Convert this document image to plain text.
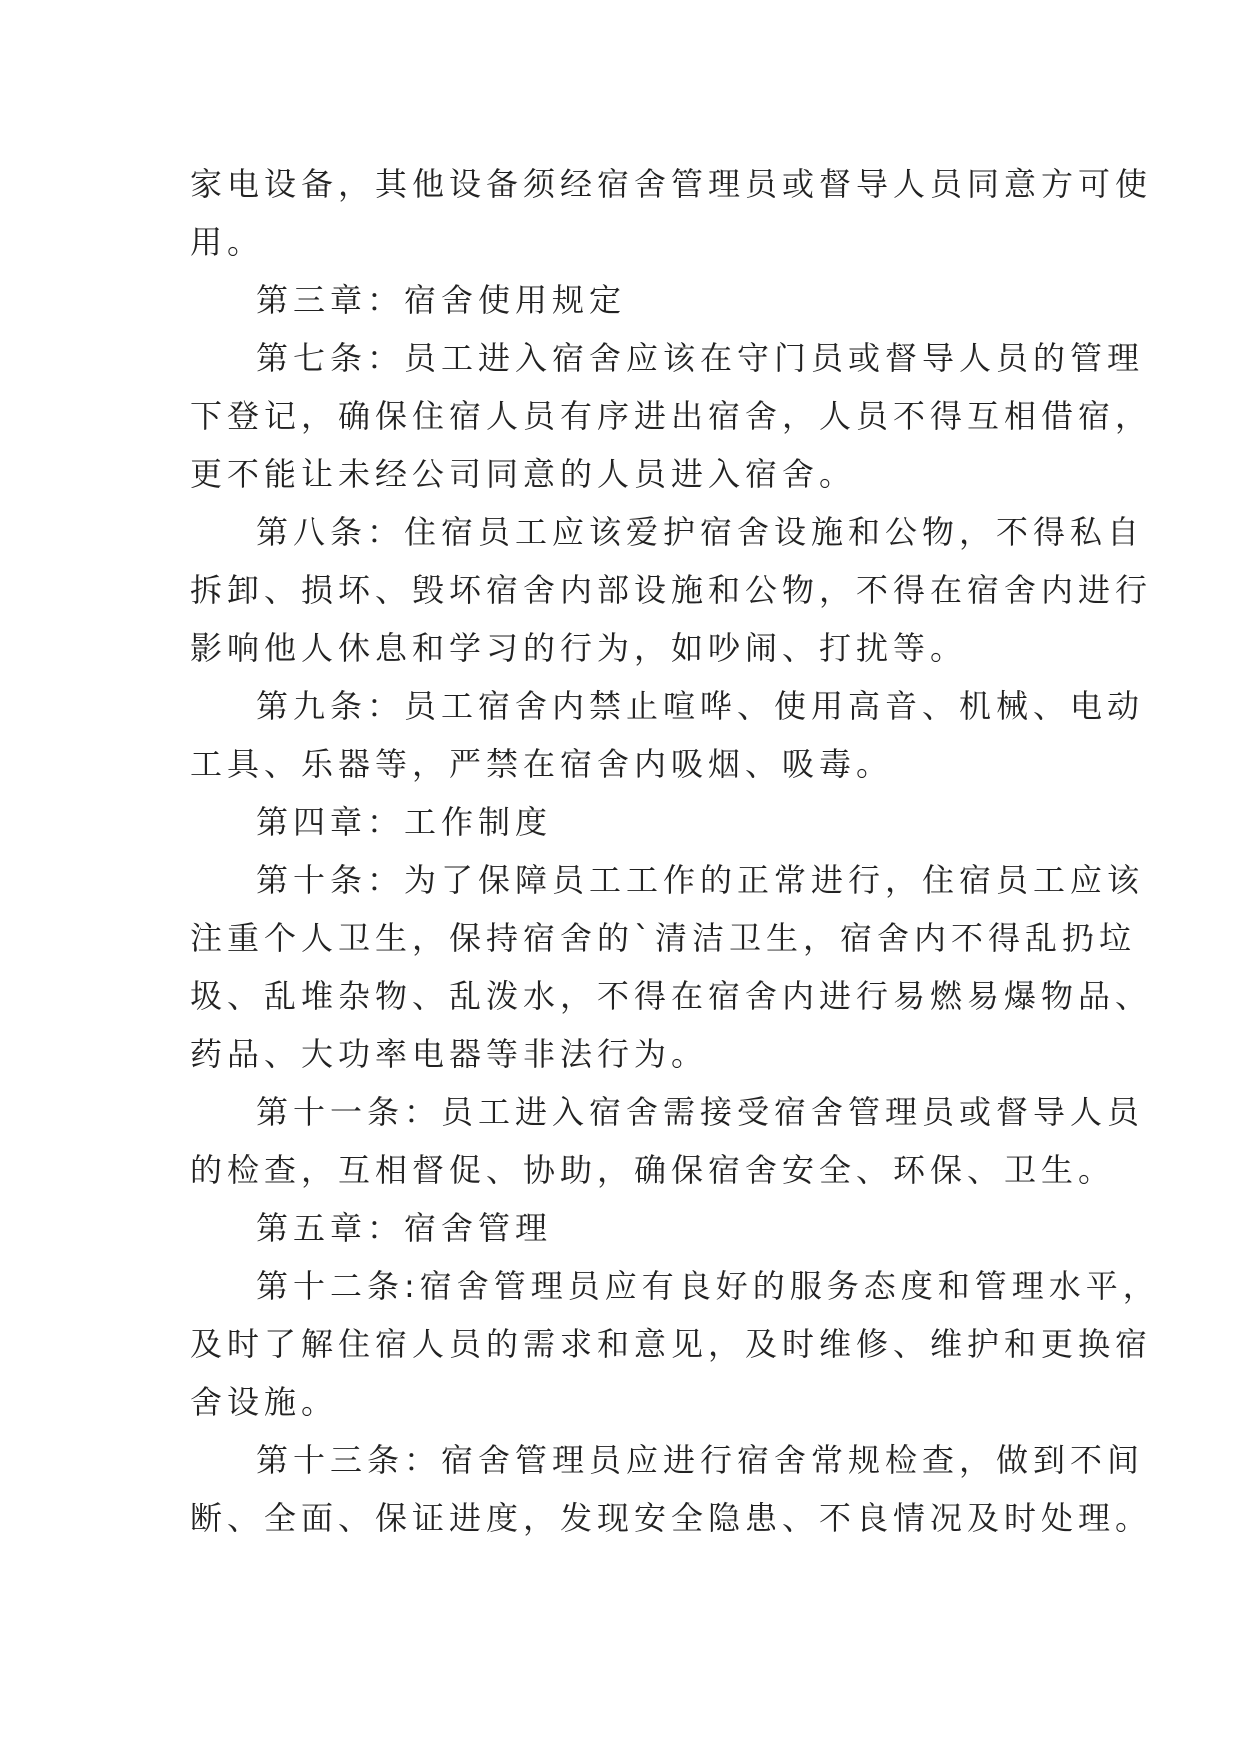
家电设备，其他设备须经宿舍管理员或督导人员同意方可使
用。
第三章：宿舍使用规定
第七条：员工进入宿舍应该在守门员或督导人员的管理
下登记，确保住宿人员有序进出宿舍，人员不得互相借宿，
更不能让未经公司同意的人员进入宿舍。
第八条：住宿员工应该爱护宿舍设施和公物，不得私自
拆卸、损坏、毁坏宿舍内部设施和公物，不得在宿舍内进行
影响他人休息和学习的行为，如吵闹、打扰等。
第九条：员工宿舍内禁止喧哗、使用高音、机械、电动
工具、乐器等，严禁在宿舍内吸烟、吸毒。
第四章：工作制度
第十条：为了保障员工工作的正常进行，住宿员工应该
注重个人卫生，保持宿舍的`清洁卫生，宿舍内不得乱扔垃
圾、乱堆杂物、乱泼水，不得在宿舍内进行易燃易爆物品、
药品、大功率电器等非法行为。
第十一条：员工进入宿舍需接受宿舍管理员或督导人员
的检查，互相督促、协助，确保宿舍安全、环保、卫生。
第五章：宿舍管理
第十二条:宿舍管理员应有良好的服务态度和管理水平，
及时了解住宿人员的需求和意见，及时维修、维护和更换宿
舍设施。
第十三条：宿舍管理员应进行宿舍常规检查，做到不间
断、全面、保证进度，发现安全隐患、不良情况及时处理。
